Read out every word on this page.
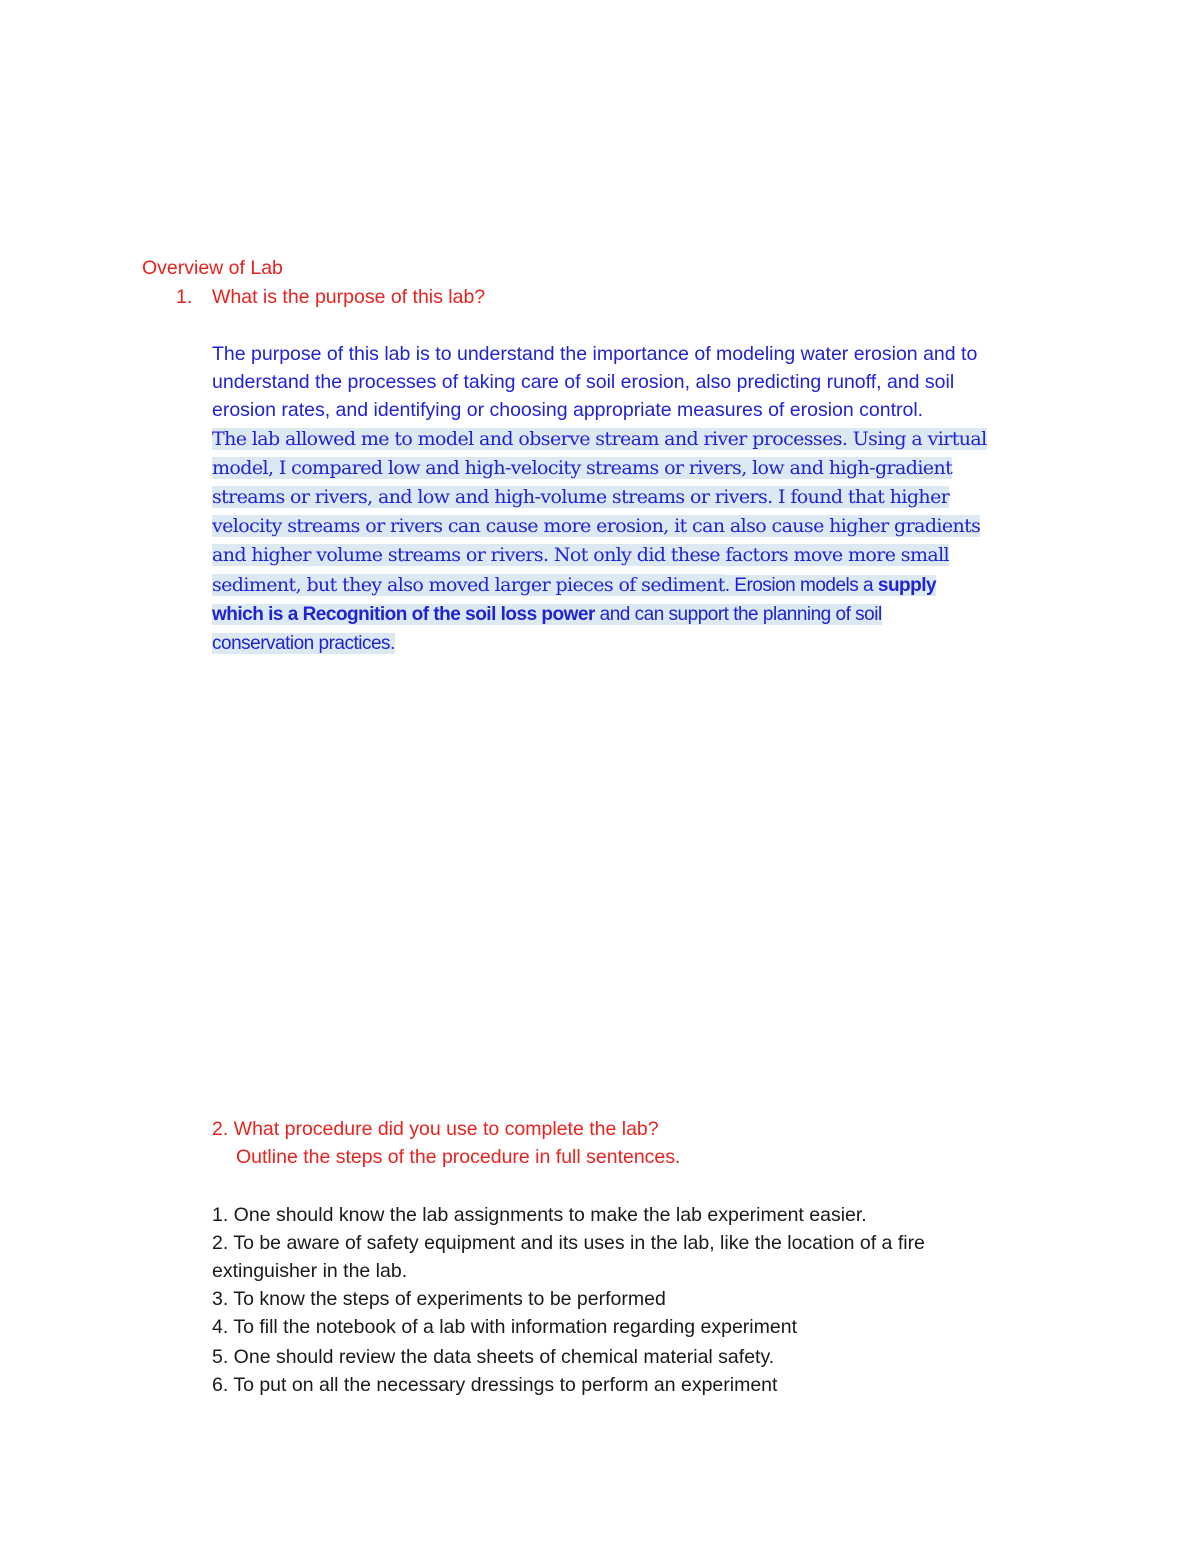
Overview of Lab
1. What is the purpose of this lab?
The purpose of this lab is to understand the importance of modeling water erosion and to
understand the processes of taking care of soil erosion, also predicting runoff, and soil
erosion rates, and identifying or choosing appropriate measures of erosion control.
The lab allowed me to model and observe stream and river processes. Using a virtual
model, I compared low and high-velocity streams or rivers, low and high-gradient
streams or rivers, and low and high-volume streams or rivers. I found that higher
velocity streams or rivers can cause more erosion, it can also cause higher gradients
and higher volume streams or rivers. Not only did these factors move more small
sediment, but they also moved larger pieces of sediment. Erosion models a supply
which is a Recognition of the soil loss power and can support the planning of soil
conservation practices.
2. What procedure did you use to complete the lab?
Outline the steps of the procedure in full sentences.
1. One should know the lab assignments to make the lab experiment easier.
2. To be aware of safety equipment and its uses in the lab, like the location of a fire
extinguisher in the lab.
3. To know the steps of experiments to be performed
4. To fill the notebook of a lab with information regarding experiment
5. One should review the data sheets of chemical material safety.
6. To put on all the necessary dressings to perform an experiment
